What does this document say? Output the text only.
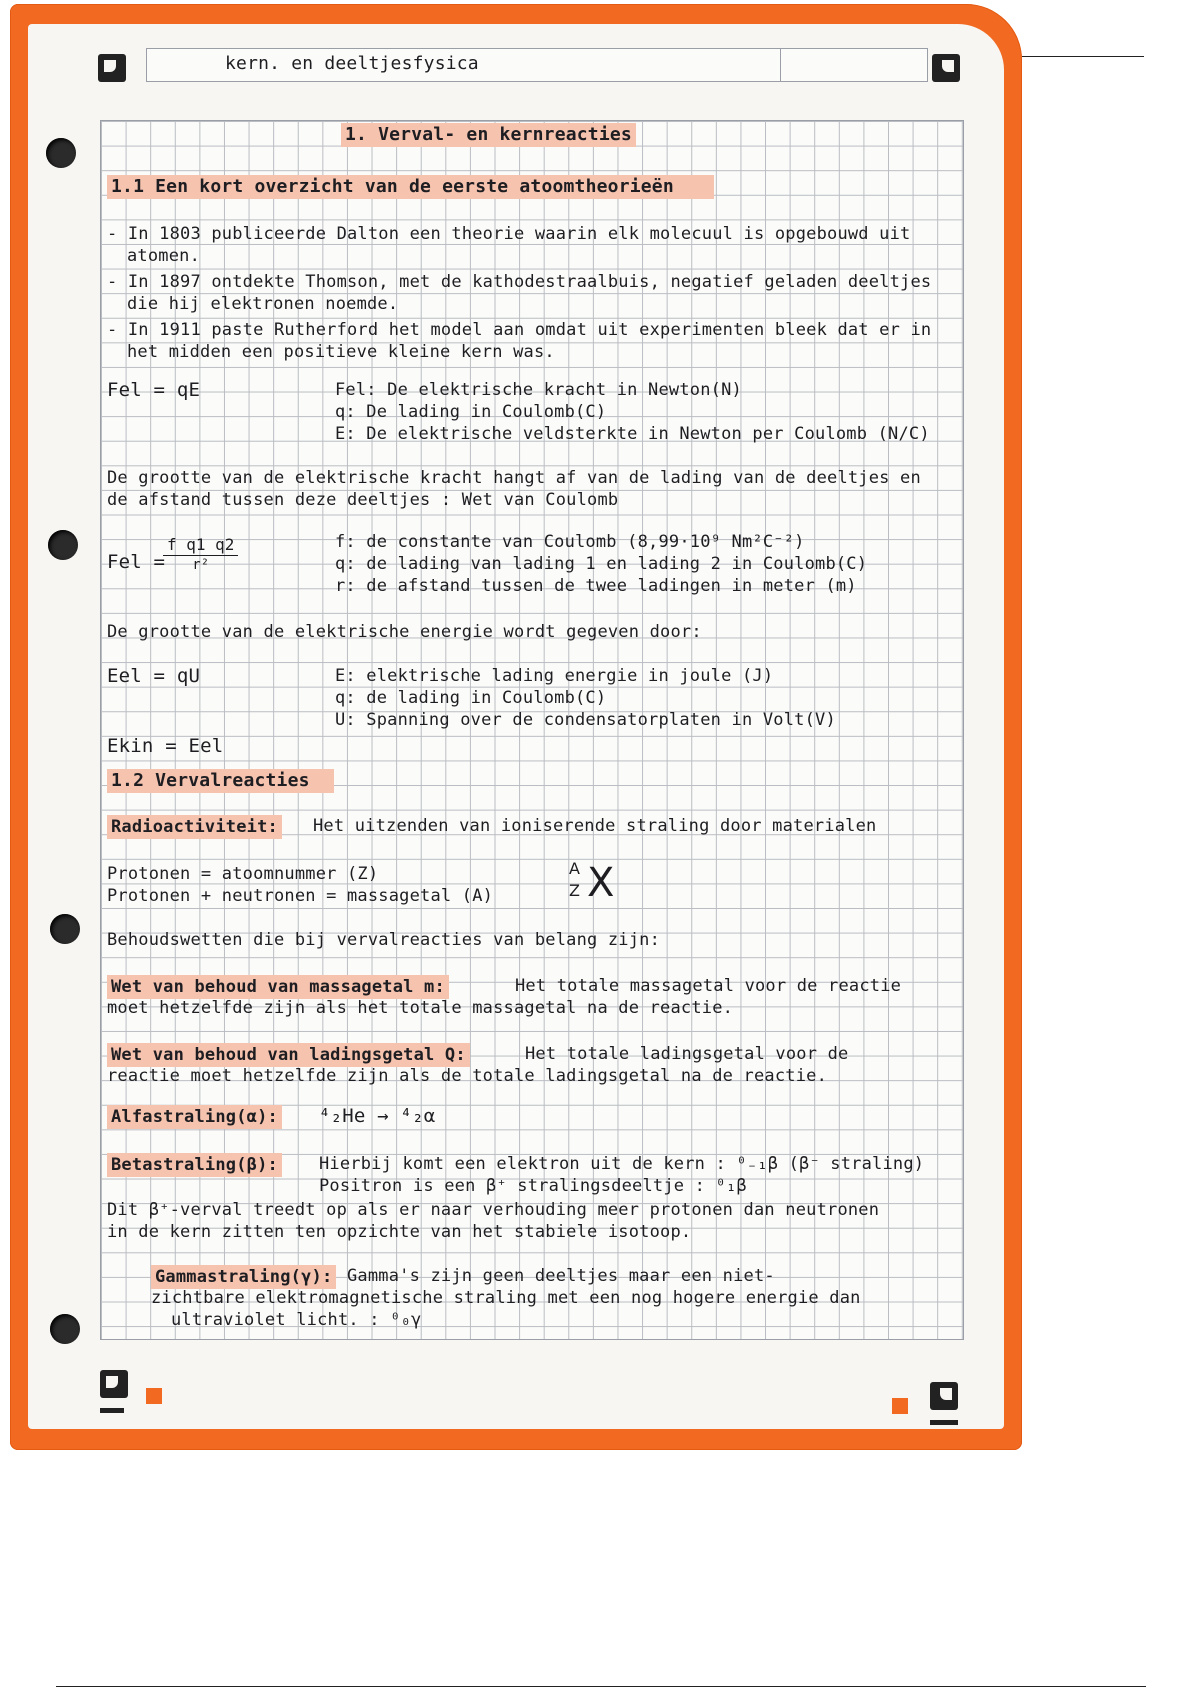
kern. en deeltjesfysica
1. Verval- en kernreacties
1.1 Een kort overzicht van de eerste atoomtheorieën
- In 1803 publiceerde Dalton een theorie waarin elk molecuul is opgebouwd uit
atomen.
- In 1897 ontdekte Thomson, met de kathodestraalbuis, negatief geladen deeltjes
die hij elektronen noemde.
- In 1911 paste Rutherford het model aan omdat uit experimenten bleek dat er in
het midden een positieve kleine kern was.
Fel = qE	Fel: De elektrische kracht in Newton(N)
q: De lading in Coulomb(C)
E: De elektrische veldsterkte in Newton per Coulomb (N/C)
De grootte van de elektrische kracht hangt af van de lading van de deeltjes en
de afstand tussen deze deeltjes : Wet van Coulomb
Fel =
$\frac{\text{f q1 q2}}{\text{r²}}$	f: de constante van Coulomb (8,99·10⁹ Nm²C⁻²)
q: de lading van lading 1 en lading 2 in Coulomb(C)
r: de afstand tussen de twee ladingen in meter (m)
De grootte van de elektrische energie wordt gegeven door:
Eel = qU	E: elektrische lading energie in joule (J)
q: de lading in Coulomb(C)
U: Spanning over de condensatorplaten in Volt(V)
Ekin = Eel
1.2 Vervalreacties
Radioactiviteit: Het uitzenden van ioniserende straling door materialen
Protonen = atoomnummer (Z)
Protonen + neutronen = massagetal (A)
A
Z X
Behoudswetten die bij vervalreacties van belang zijn:
Wet van behoud van massagetal m:	Het totale massagetal voor de reactie
moet hetzelfde zijn als het totale massagetal na de reactie.
Wet van behoud van ladingsgetal Q:	Het totale ladingsgetal voor de
reactie moet hetzelfde zijn als de totale ladingsgetal na de reactie.
Alfastraling(α): ⁴₂He → ⁴₂α
Betastraling(β): Hierbij komt een elektron uit de kern : ⁰₋₁β (β⁻ straling)
Positron is een β⁺ stralingsdeeltje : ⁰₁β
Dit β⁺-verval treedt op als er naar verhouding meer protonen dan neutronen
in de kern zitten ten opzichte van het stabiele isotoop.
Gammastraling(γ): Gamma's zijn geen deeltjes maar een niet-
zichtbare elektromagnetische straling met een nog hogere energie dan
ultraviolet licht. : ⁰₀γ
